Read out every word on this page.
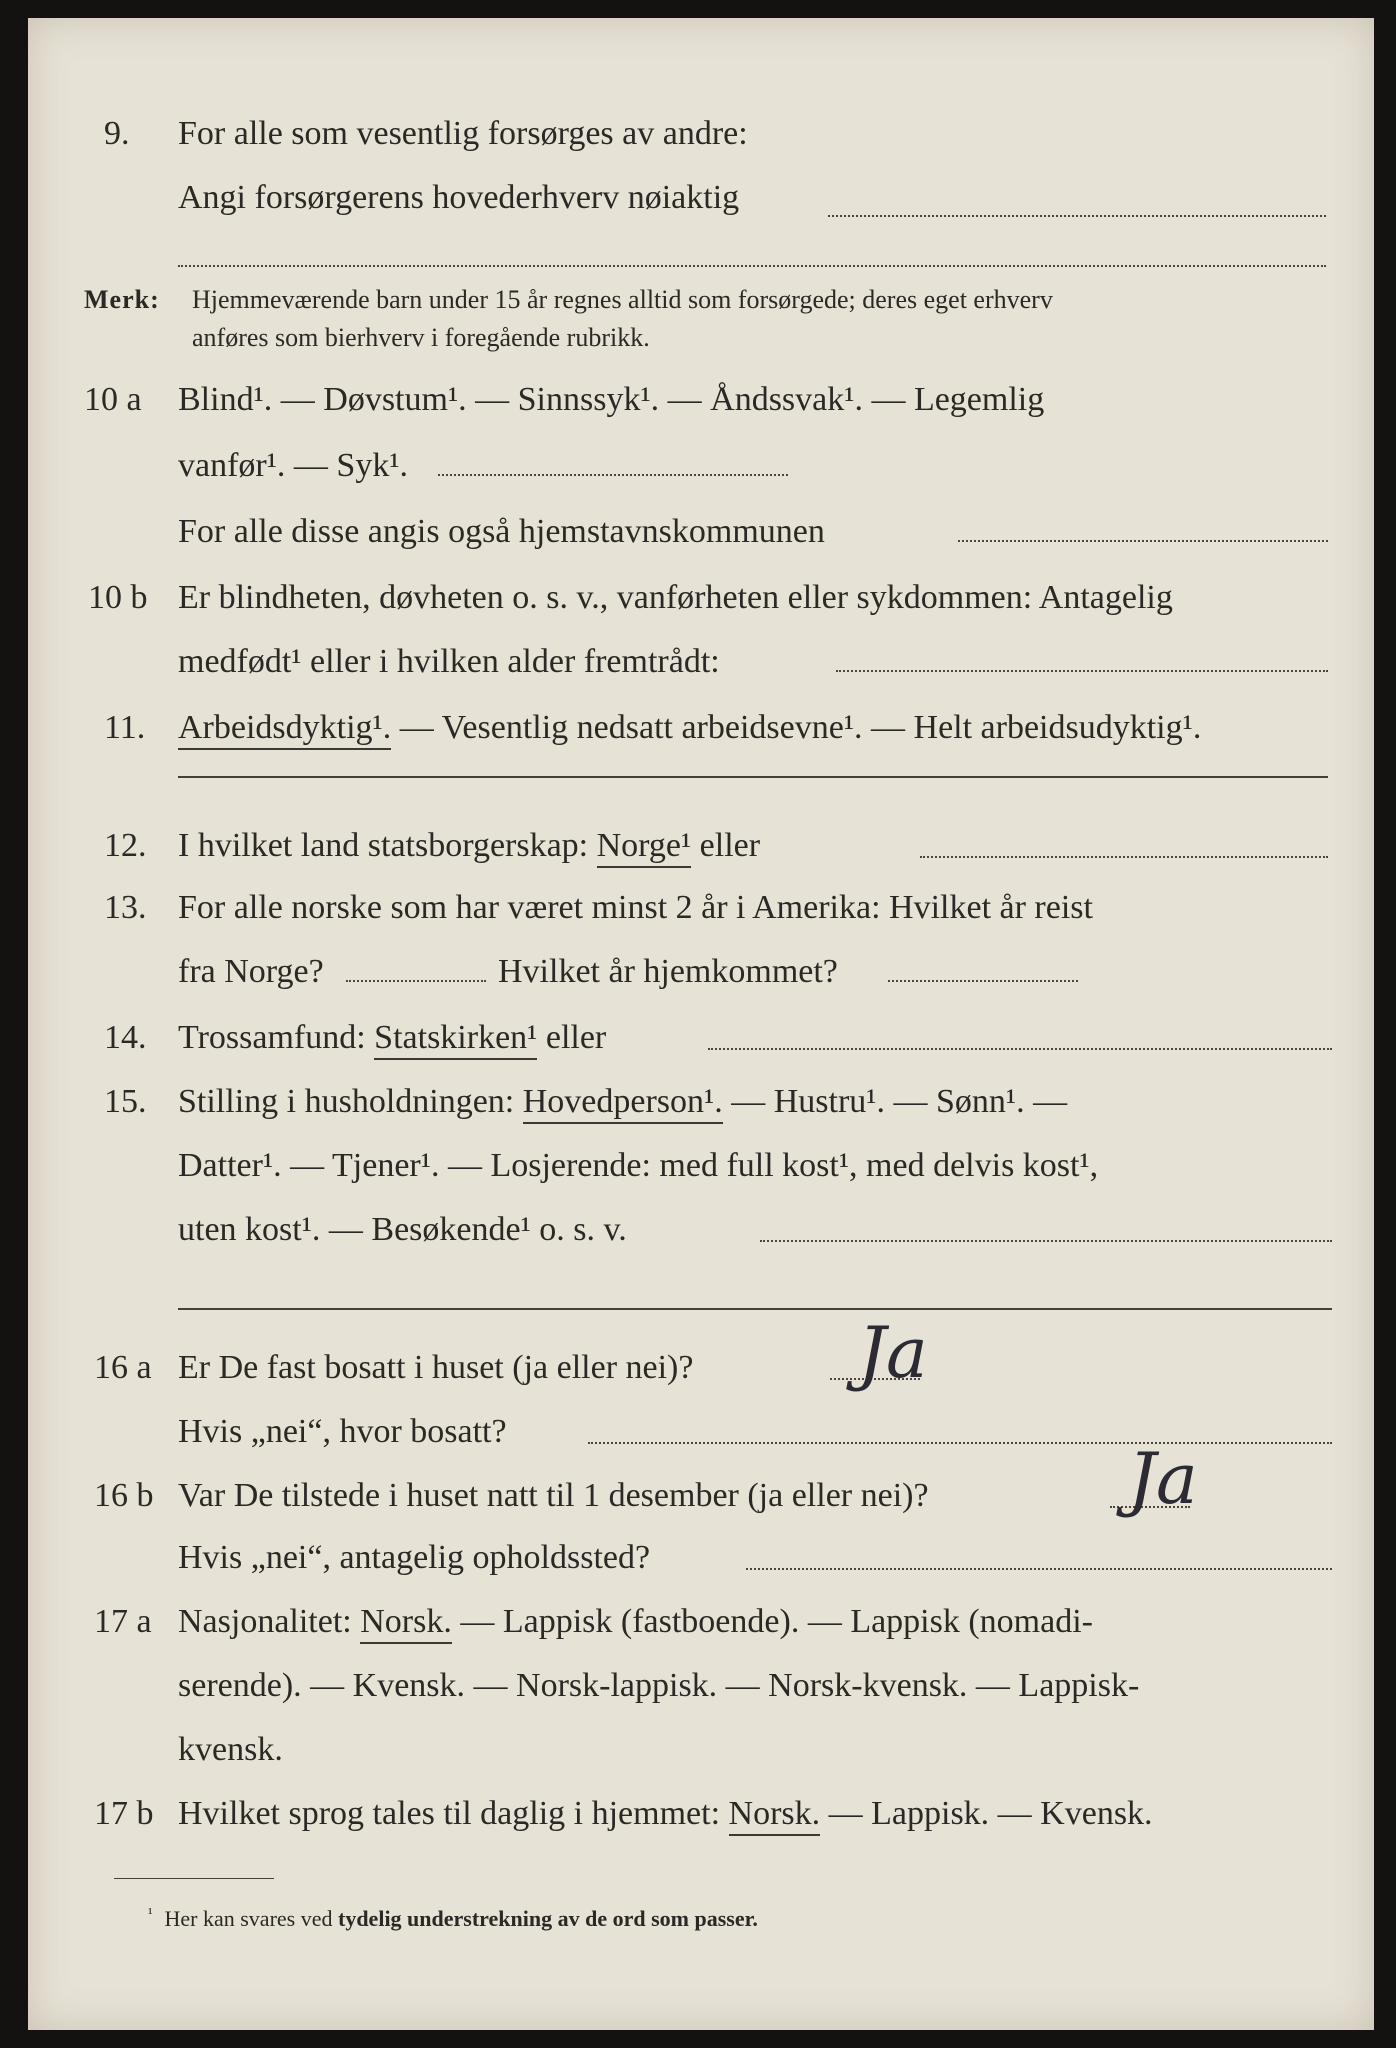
9. For alle som vesentlig forsørges av andre:
Angi forsørgerens hovederhverv nøiaktig
Merk: Hjemmeværende barn under 15 år regnes alltid som forsørgede; deres eget erhverv
anføres som bierhverv i foregående rubrikk.
10 a Blind¹. — Døvstum¹. — Sinnssyk¹. — Åndssvak¹. — Legemlig
vanfør¹. — Syk¹.
For alle disse angis også hjemstavnskommunen
10 b Er blindheten, døvheten o. s. v., vanførheten eller sykdommen: Antagelig
medfødt¹ eller i hvilken alder fremtrådt:
11. Arbeidsdyktig¹. — Vesentlig nedsatt arbeidsevne¹. — Helt arbeidsudyktig¹.
12. I hvilket land statsborgerskap: Norge¹ eller
13. For alle norske som har været minst 2 år i Amerika: Hvilket år reist
fra Norge?	Hvilket år hjemkommet?
14. Trossamfund: Statskirken¹ eller
15. Stilling i husholdningen: Hovedperson¹. — Hustru¹. — Sønn¹. —
Datter¹. — Tjener¹. — Losjerende: med full kost¹, med delvis kost¹,
uten kost¹. — Besøkende¹ o. s. v.
16 a Er De fast bosatt i huset (ja eller nei)? Ja
Hvis „nei“, hvor bosatt?
16 b Var De tilstede i huset natt til 1 desember (ja eller nei)?	Ja
Hvis „nei“, antagelig opholdssted?
17 a Nasjonalitet: Norsk. — Lappisk (fastboende). — Lappisk (nomadi-
serende). — Kvensk. — Norsk-lappisk. — Norsk-kvensk. — Lappisk-
kvensk.
17 b Hvilket sprog tales til daglig i hjemmet: Norsk. — Lappisk. — Kvensk.
$^{^1}$ Her kan svares ved tydelig understrekning av de ord som passer.
